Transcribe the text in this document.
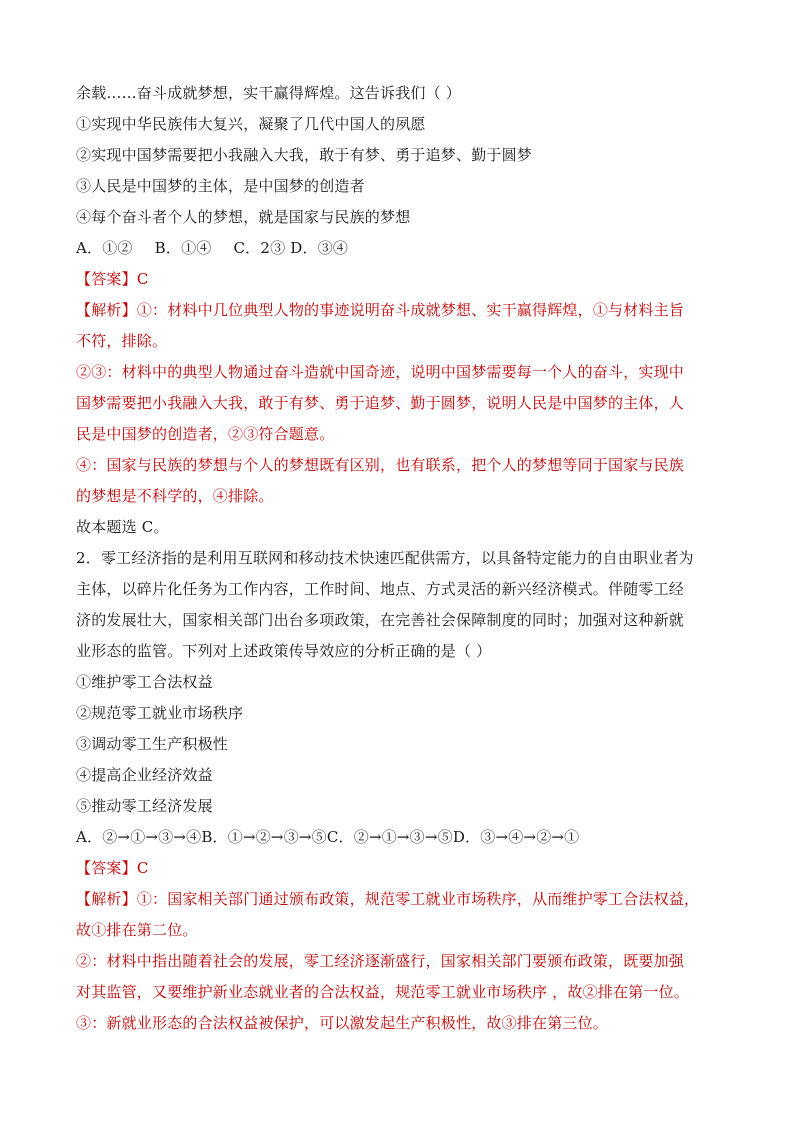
余载……奋斗成就梦想，实干赢得辉煌。这告诉我们（ ）
①实现中华民族伟大复兴，凝聚了几代中国人的夙愿
②实现中国梦需要把小我融入大我，敢于有梦、勇于追梦、勤于圆梦
③人民是中国梦的主体，是中国梦的创造者
④每个奋斗者个人的梦想，就是国家与民族的梦想
A．①② B．①④ C．2③ D．③④
【答案】C
【解析】①：材料中几位典型人物的事迹说明奋斗成就梦想、实干赢得辉煌，①与材料主旨
不符，排除。
②③：材料中的典型人物通过奋斗造就中国奇迹，说明中国梦需要每一个人的奋斗，实现中
国梦需要把小我融入大我，敢于有梦、勇于追梦、勤于圆梦，说明人民是中国梦的主体，人
民是中国梦的创造者，②③符合题意。
④：国家与民族的梦想与个人的梦想既有区别，也有联系，把个人的梦想等同于国家与民族
的梦想是不科学的，④排除。
故本题选 C。
2．零工经济指的是利用互联网和移动技术快速匹配供需方，以具备特定能力的自由职业者为
主体，以碎片化任务为工作内容，工作时间、地点、方式灵活的新兴经济模式。伴随零工经
济的发展壮大，国家相关部门出台多项政策，在完善社会保障制度的同时；加强对这种新就
业形态的监管。下列对上述政策传导效应的分析正确的是（ ）
①维护零工合法权益
②规范零工就业市场秩序
③调动零工生产积极性
④提高企业经济效益
⑤推动零工经济发展
A．②→①→③→④B．①→②→③→⑤C．②→①→③→⑤D．③→④→②→①
【答案】C
【解析】①：国家相关部门通过颁布政策，规范零工就业市场秩序，从而维护零工合法权益，
故①排在第二位。
②：材料中指出随着社会的发展，零工经济逐渐盛行，国家相关部门要颁布政策，既要加强
对其监管，又要维护新业态就业者的合法权益，规范零工就业市场秩序 ，故②排在第一位。
③：新就业形态的合法权益被保护，可以激发起生产积极性，故③排在第三位。
